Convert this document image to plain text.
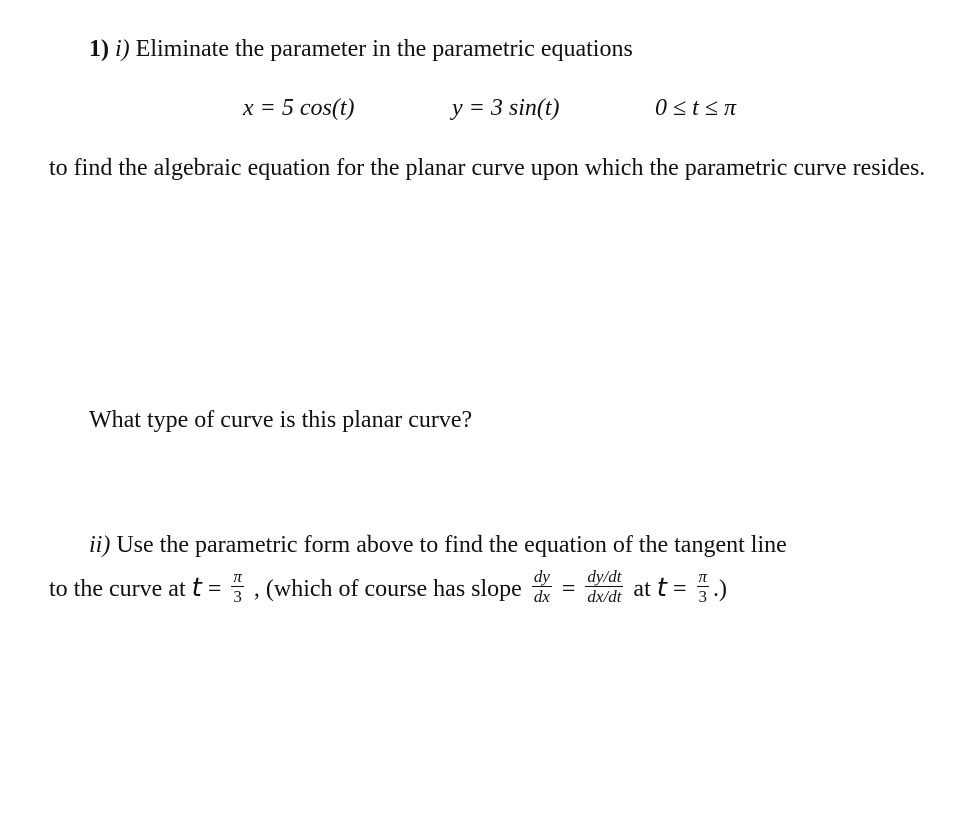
1) i) Eliminate the parameter in the parametric equations
x = 5 cos(t)	y = 3 sin(t)	0 ≤ t ≤ π
to find the algebraic equation for the planar curve upon which the parametric curve resides.
What type of curve is this planar curve?
ii) Use the parametric form above to find the equation of the tangent line
to the curve at $t = \frac{\pi}{3}$ , (which of course has slope $\frac{dy}{dx} = \frac{dy/dt}{dx/dt}$ at $t = \frac{\pi}{3}$ .)
